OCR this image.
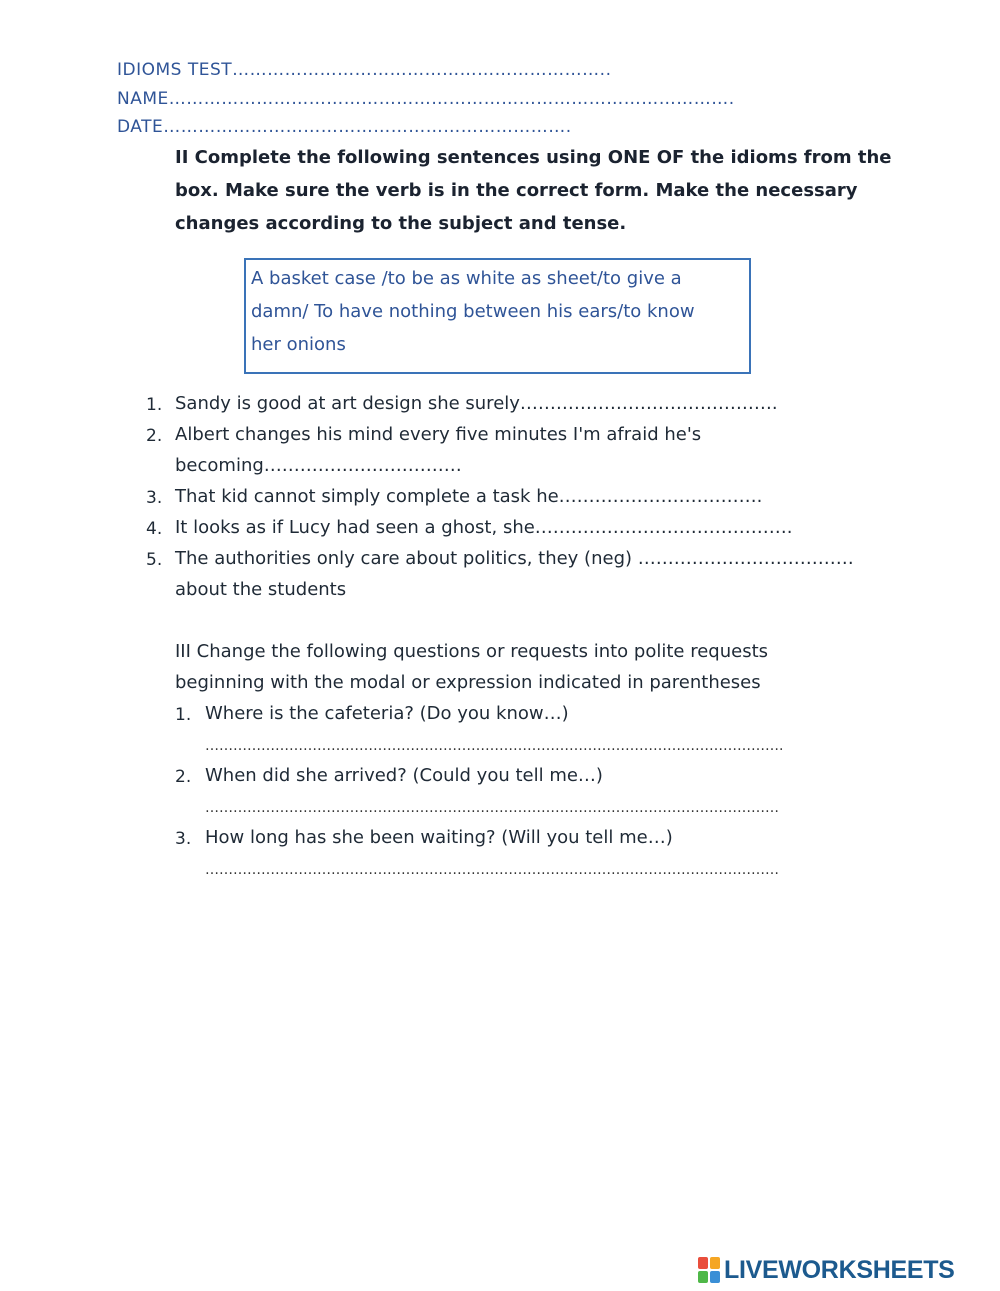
IDIOMS TEST………………………………………………………..
NAME…………………………………………………………………………………….
DATE…………………………………………………………….
II Complete the following sentences using ONE OF the idioms from the
box. Make sure the verb is in the correct form. Make the necessary
changes according to the subject and tense.
A basket case /to be as white as sheet/to give a
damn/ To have nothing between his ears/to know
her onions
1. Sandy is good at art design she surely…………………………………….
2. Albert changes his mind every five minutes I'm afraid he's
becoming……………………………
3. That kid cannot simply complete a task he…………………………….
4. It looks as if Lucy had seen a ghost, she…………………………………….
5. The authorities only care about politics, they (neg) ………………………………
about the students
III Change the following questions or requests into polite requests
beginning with the modal or expression indicated in parentheses
1. Where is the cafeteria? (Do you know…)
…………………………………………………………………………………………………………….
2. When did she arrived? (Could you tell me…)
……………………………………………………………………………………………………………
3. How long has she been waiting? (Will you tell me…)
……………………………………………………………………………………………………………
LIVEWORKSHEETS
